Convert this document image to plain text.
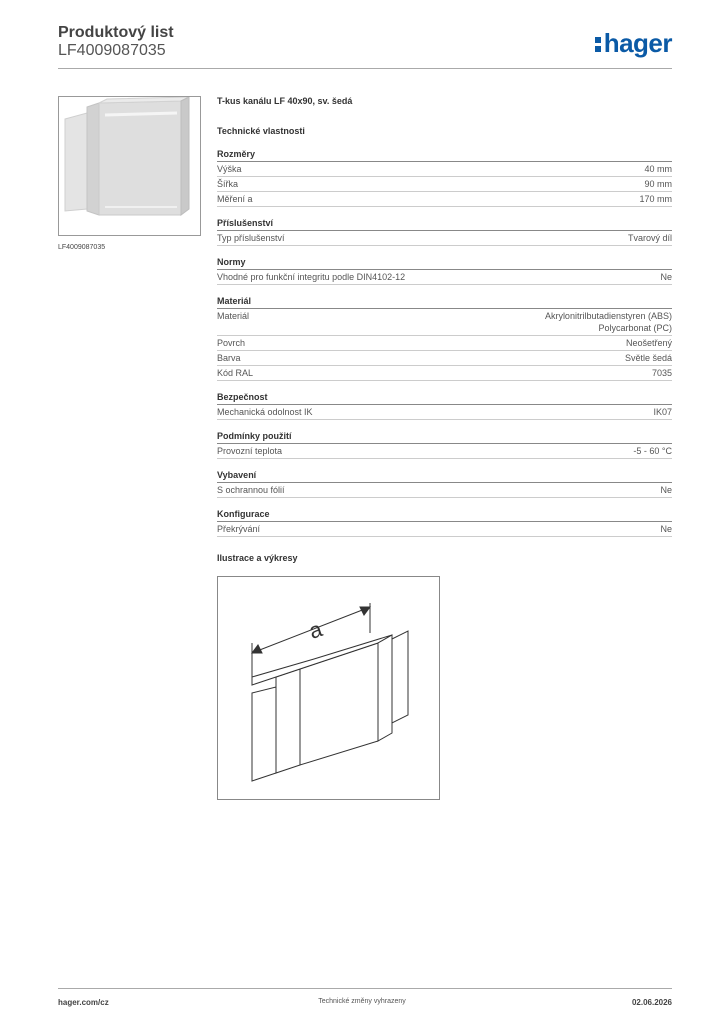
Produktový list
LF4009087035	hager
LF4009087035
T-kus kanálu LF 40x90, sv. šedá
Technické vlastnosti
Rozměry
Výška	40 mm
Šířka	90 mm
Měření a	170 mm
Příslušenství
Typ příslušenství	Tvarový díl
Normy
Vhodné pro funkční integritu podle DIN4102-12	Ne
Materiál
Materiál	Akrylonitrilbutadienstyren (ABS)
Polycarbonat (PC)
Povrch	Neošetřený
Barva	Světle šedá
Kód RAL	7035
Bezpečnost
Mechanická odolnost IK	IK07
Podmínky použití
Provozní teplota	-5 - 60 °C
Vybavení
S ochrannou fólií	Ne
Konfigurace
Překrývání	Ne
Ilustrace a výkresy
a
hager.com/cz	Technické změny vyhrazeny	02.06.2026
